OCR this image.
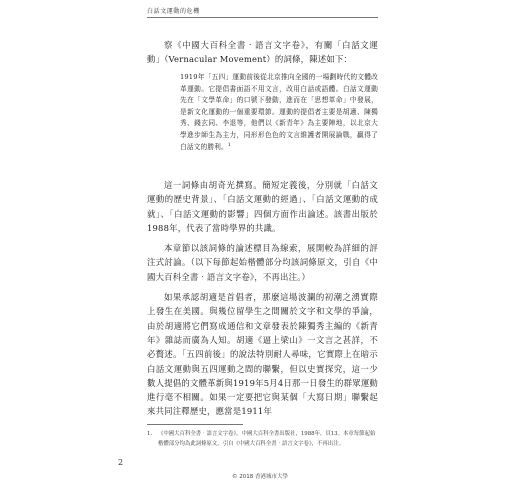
白話文運動的危機

察《中國大百科全書‧語言文字卷》，有關「白話文運動」（Vernacular Movement）的詞條，陳述如下：

1919年「五四」運動前後從北京推向全國的一場劃時代的文體改革運動。它提倡書面語不用文言，改用白話或語體。白話文運動先在「文學革命」的口號下發動，進而在「思想革命」中發展，是新文化運動的一個重要環節。運動的提倡者主要是胡適、陳獨秀、錢玄同、李退等，他們以《新青年》為主要陣地，以北京大學進步師生為主力，同形形色色的文言維護者開展論戰，贏得了白話文的勝利。$^1$

這一詞條由胡奇光撰寫。簡短定義後，分別就「白話文運動的歷史背景」、「白話文運動的經過」、「白話文運動的成就」、「白話文運動的影響」四個方面作出論述。該書出版於1988年，代表了當時學界的共識。

本章節以該詞條的論述標目為線索，展開較為詳細的評注式討論。（以下每節起始楷體部分均該詞條原文，引自《中國大百科全書‧語言文字卷》，不再出注。）

如果承認胡適是首倡者，那麼這場波瀾的初潮之湧實際上發生在美國。與幾位留學生之間關於文字和文學的爭論，由於胡適將它們寫成通信和文章發表於陳獨秀主編的《新青年》雜誌而廣為人知。胡適《逼上梁山》一文言之甚詳，不必贅述。「五四前後」的說法特別耐人尋味，它實際上在暗示白話文運動與五四運動之間的聯繫，但以史實探究，這一少數人提倡的文體革新與1919年5月4日那一日發生的群眾運動進行毫不相關。如果一定要把它與某個「大寫日期」聯繫起來共同注釋歷史，應當是1911年

1.	《中國大百科全書‧語言文字卷》，中國大百科全書出版社，1988年，頁13。本章每節起始楷體部分均為此詞條原文，引自《中國大百科全書‧語言文字卷》，不再出注。
2
© 2018 香港城市大學
